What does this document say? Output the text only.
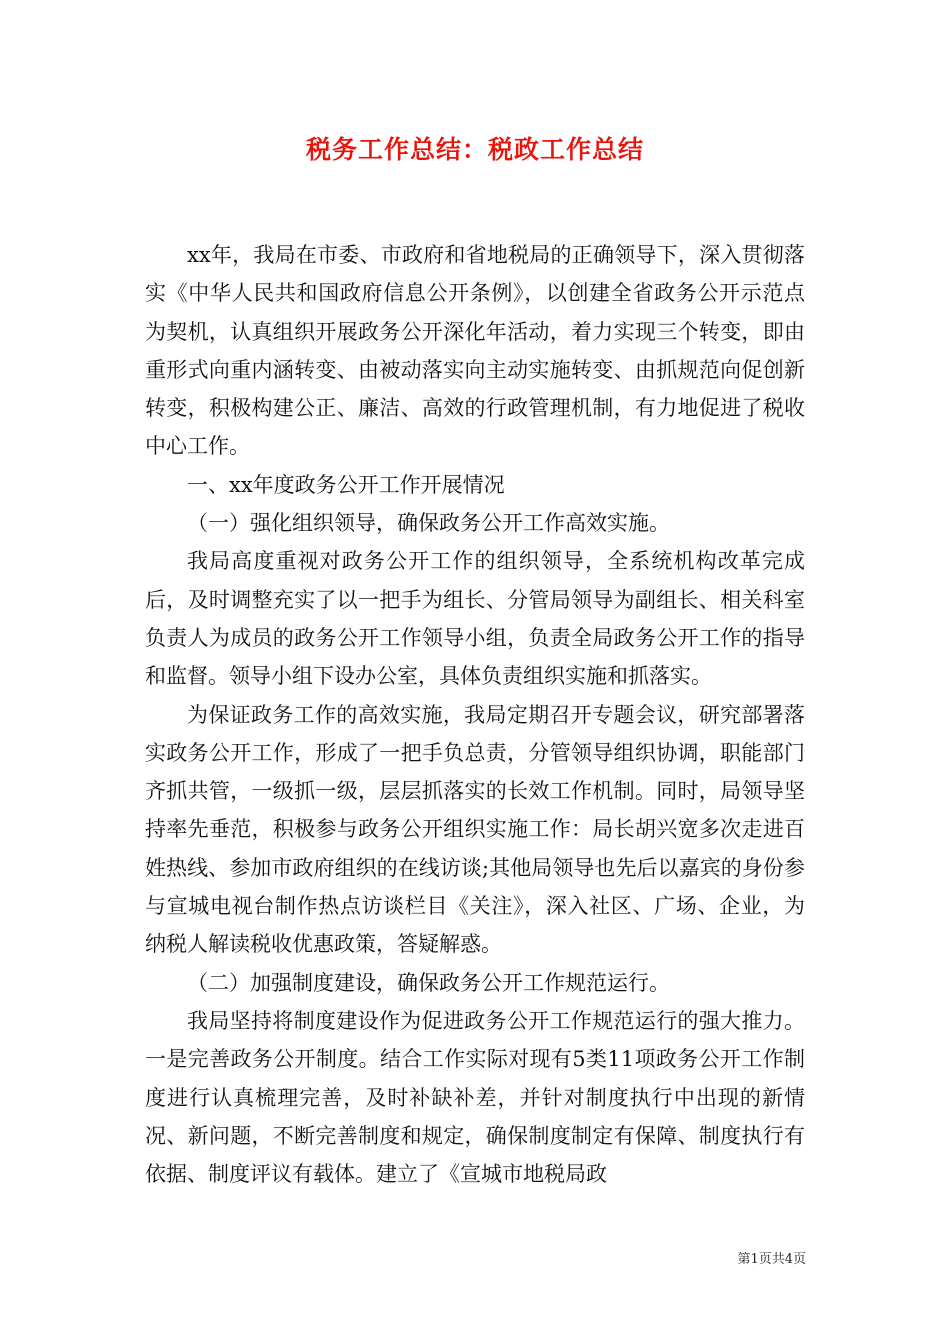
税务工作总结：税政工作总结

xx年，我局在市委、市政府和省地税局的正确领导下，深入贯彻落实《中华人民共和国政府信息公开条例》，以创建全省政务公开示范点为契机，认真组织开展政务公开深化年活动，着力实现三个转变，即由重形式向重内涵转变、由被动落实向主动实施转变、由抓规范向促创新转变，积极构建公正、廉洁、高效的行政管理机制，有力地促进了税收中心工作。

一、xx年度政务公开工作开展情况

（一）强化组织领导，确保政务公开工作高效实施。

我局高度重视对政务公开工作的组织领导，全系统机构改革完成后，及时调整充实了以一把手为组长、分管局领导为副组长、相关科室负责人为成员的政务公开工作领导小组，负责全局政务公开工作的指导和监督。领导小组下设办公室，具体负责组织实施和抓落实。

为保证政务工作的高效实施，我局定期召开专题会议，研究部署落实政务公开工作，形成了一把手负总责，分管领导组织协调，职能部门齐抓共管，一级抓一级，层层抓落实的长效工作机制。同时，局领导坚持率先垂范，积极参与政务公开组织实施工作：局长胡兴宽多次走进百姓热线、参加市政府组织的在线访谈;其他局领导也先后以嘉宾的身份参与宣城电视台制作热点访谈栏目《关注》，深入社区、广场、企业，为纳税人解读税收优惠政策，答疑解惑。

（二）加强制度建设，确保政务公开工作规范运行。

我局坚持将制度建设作为促进政务公开工作规范运行的强大推力。一是完善政务公开制度。结合工作实际对现有5类11项政务公开工作制度进行认真梳理完善，及时补缺补差，并针对制度执行中出现的新情况、新问题，不断完善制度和规定，确保制度制定有保障、制度执行有依据、制度评议有载体。建立了《宣城市地税局政

第1页共4页
